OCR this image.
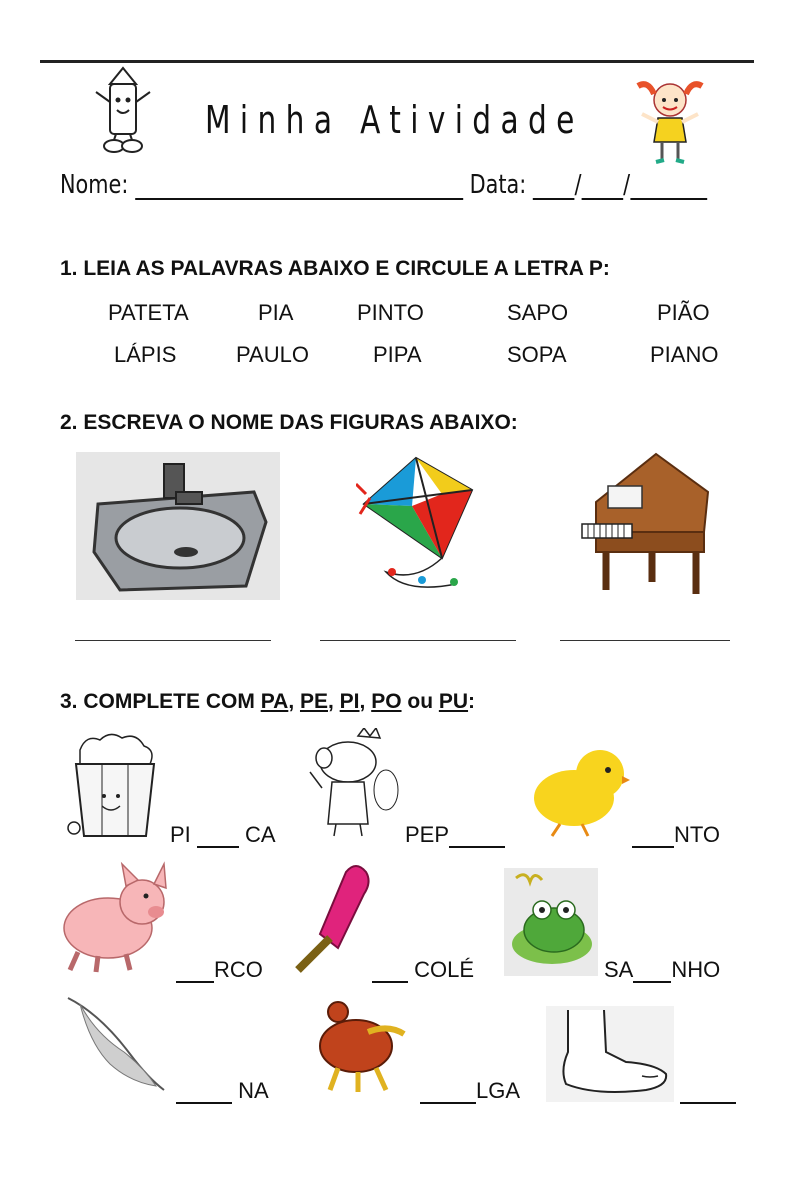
Minha Atividade
Nome:	Data: / /
1. LEIA AS PALAVRAS ABAIXO E CIRCULE A LETRA P:
PATETA	PIA	PINTO	SAPO	PIÃO
LÁPIS	PAULO	PIPA	SOPA	PIANO
2. ESCREVA O NOME DAS FIGURAS ABAIXO:
3. COMPLETE COM PA, PE, PI, PO ou PU:
PI  CA	PEP	NTO
RCO	COLÉ	SA NHO
NA	LGA
